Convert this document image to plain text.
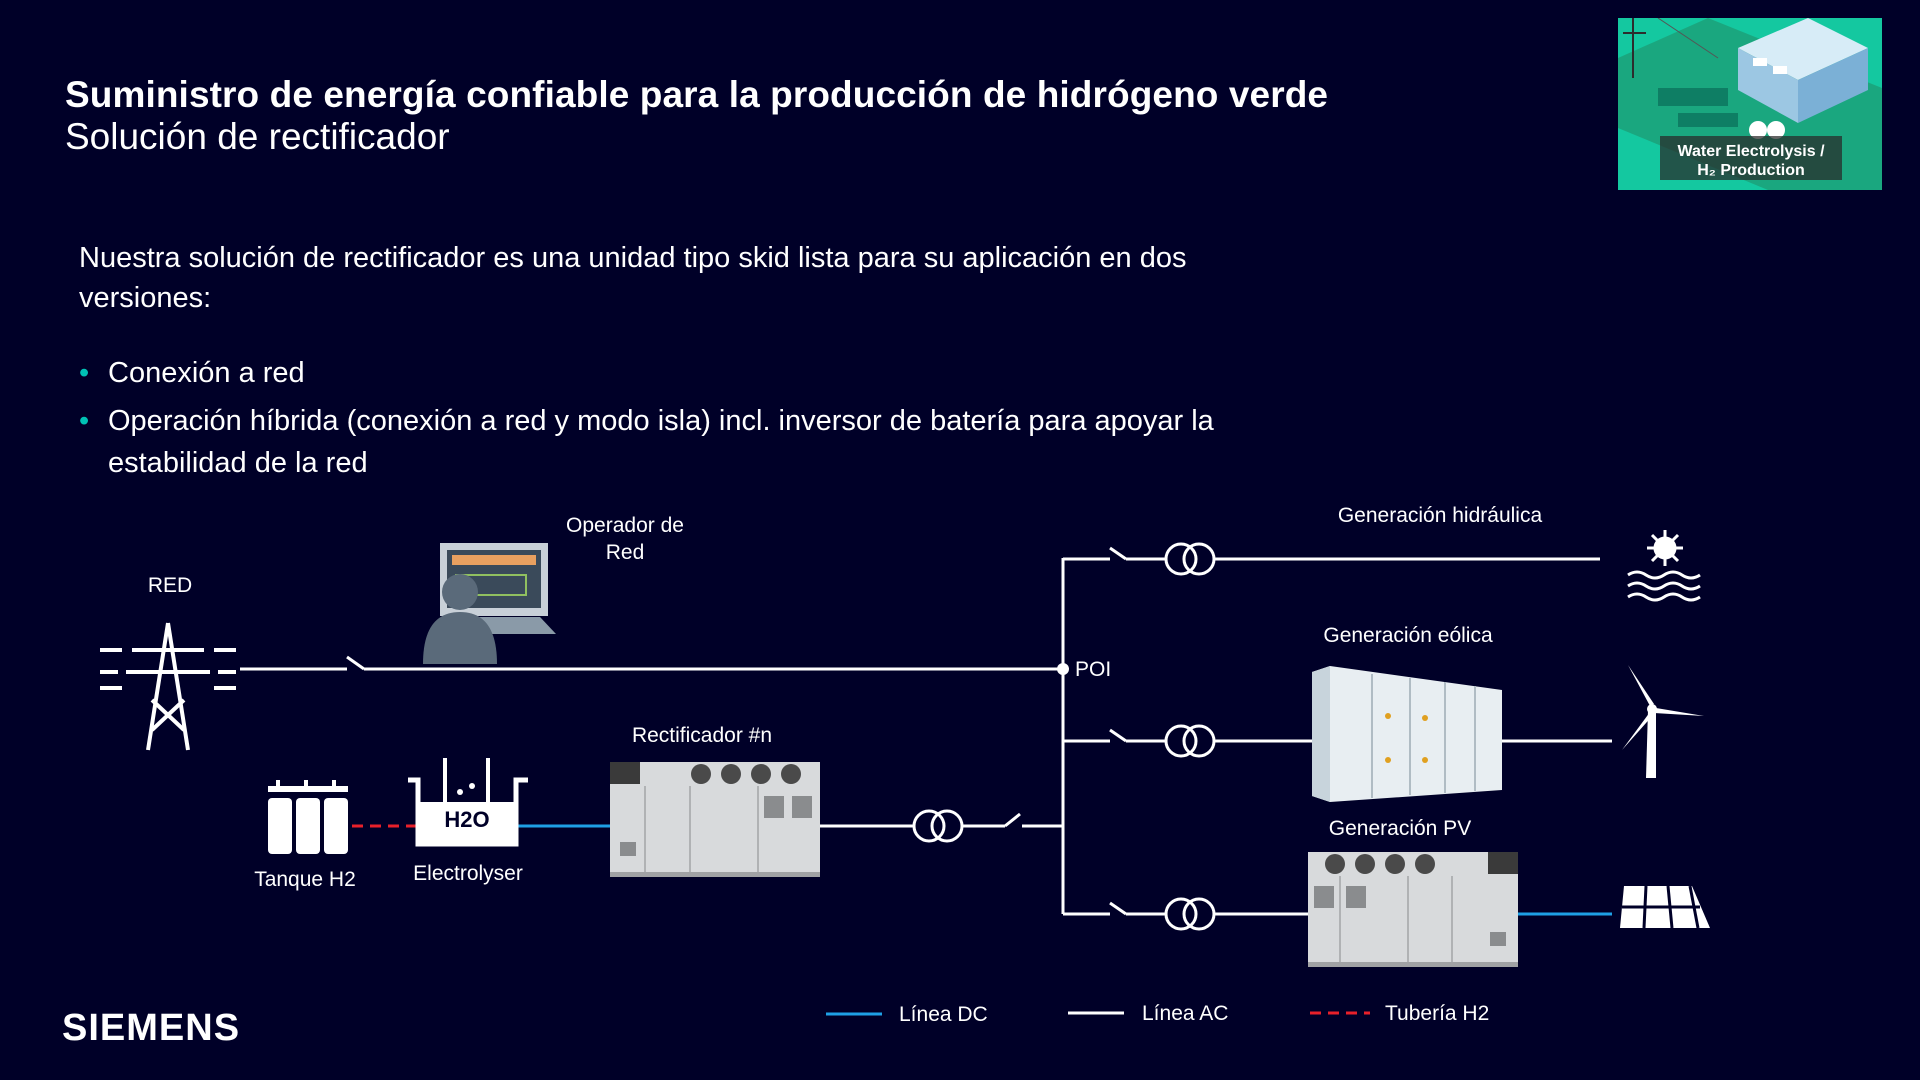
Suministro de energía confiable para la producción de hidrógeno verde
Solución de rectificador
Nuestra solución de rectificador es una unidad tipo skid lista para su aplicación en dos versiones:
• Conexión a red
• Operación híbrida (conexión a red y modo isla) incl. inversor de batería para apoyar la estabilidad de la red
Water Electrolysis /
H₂ Production
POI
RED
Operador de
Red
Tanque H2
H2O
Electrolyser
Rectificador #n
Generación hidráulica
Generación eólica
Generación PV
Línea DC	Línea AC	Tubería H2
SIEMENS
